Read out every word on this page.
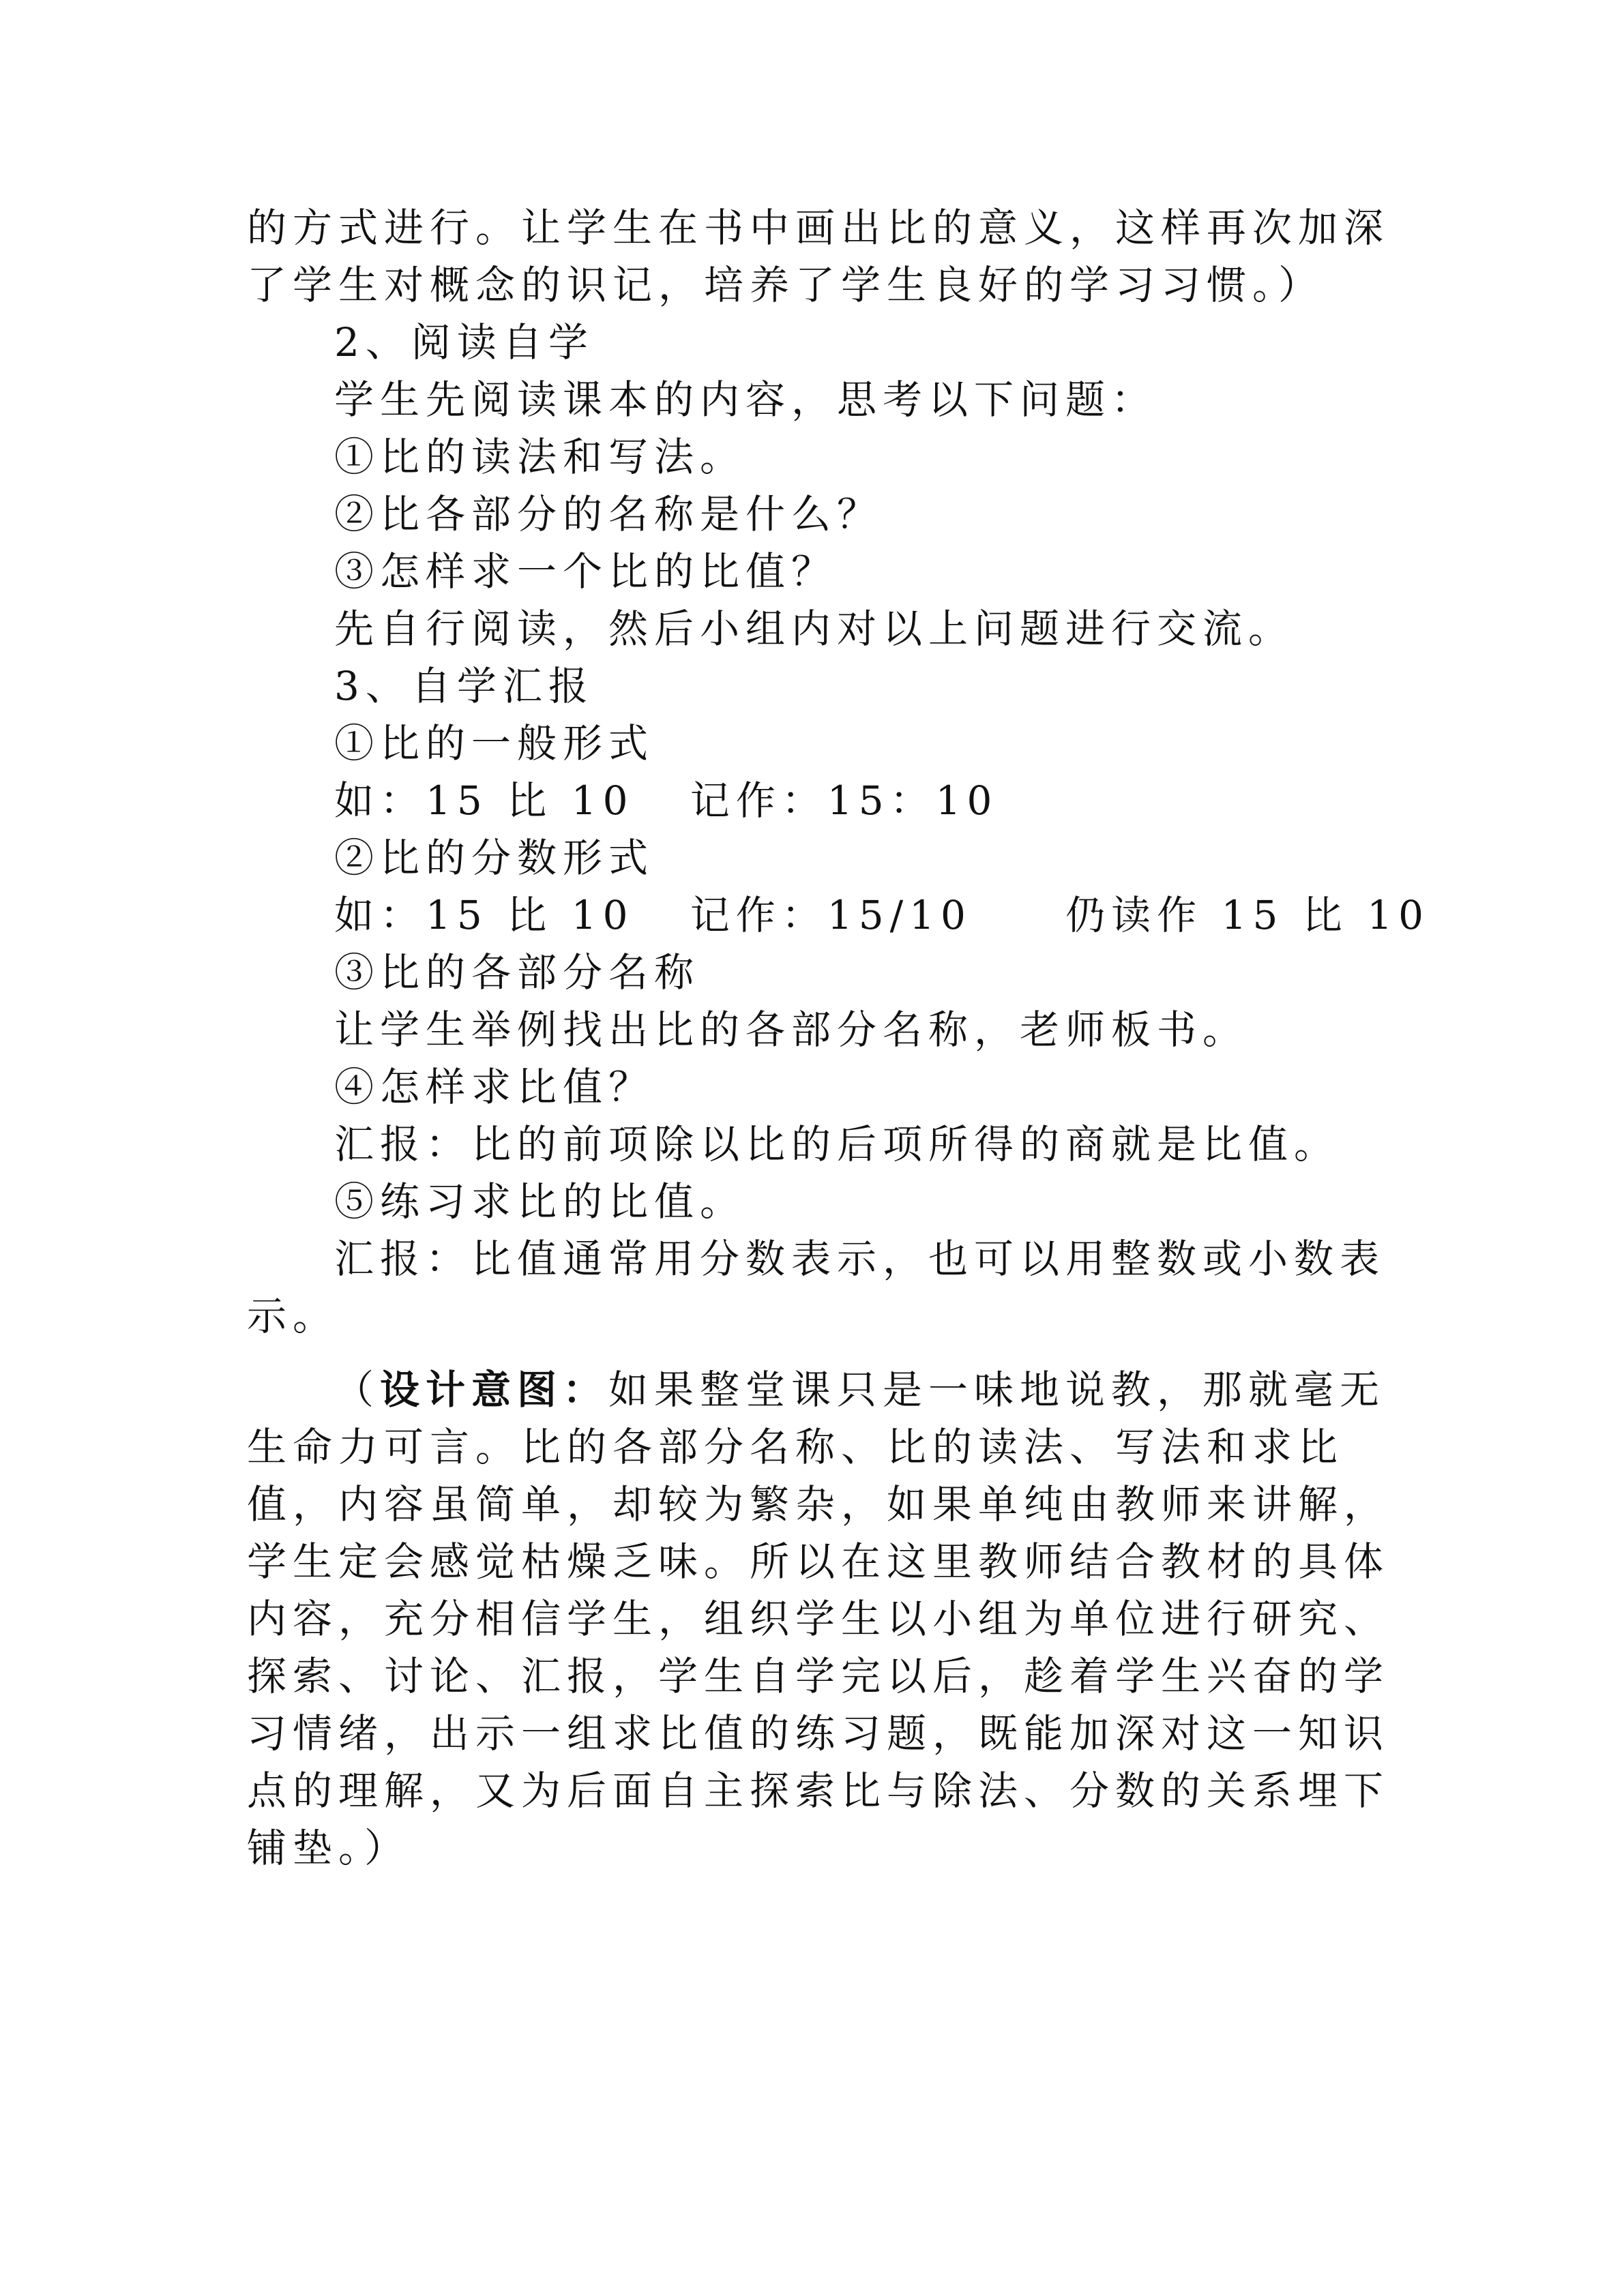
的方式进行。让学生在书中画出比的意义，这样再次加深
了学生对概念的识记，培养了学生良好的学习习惯。）
2、阅读自学
学生先阅读课本的内容，思考以下问题：
①比的读法和写法。
②比各部分的名称是什么？
③怎样求一个比的比值？
先自行阅读，然后小组内对以上问题进行交流。
3、自学汇报
①比的一般形式
如：15 比 10   记作：15：10
②比的分数形式
如：15 比 10   记作：15/10     仍读作 15 比 10
③比的各部分名称
让学生举例找出比的各部分名称，老师板书。
④怎样求比值？
汇报：比的前项除以比的后项所得的商就是比值。
⑤练习求比的比值。
汇报：比值通常用分数表示，也可以用整数或小数表
示。
（设计意图：如果整堂课只是一味地说教，那就毫无
生命力可言。比的各部分名称、比的读法、写法和求比
值，内容虽简单，却较为繁杂，如果单纯由教师来讲解，
学生定会感觉枯燥乏味。所以在这里教师结合教材的具体
内容，充分相信学生，组织学生以小组为单位进行研究、
探索、讨论、汇报，学生自学完以后，趁着学生兴奋的学
习情绪，出示一组求比值的练习题，既能加深对这一知识
点的理解，又为后面自主探索比与除法、分数的关系埋下
铺垫。）
